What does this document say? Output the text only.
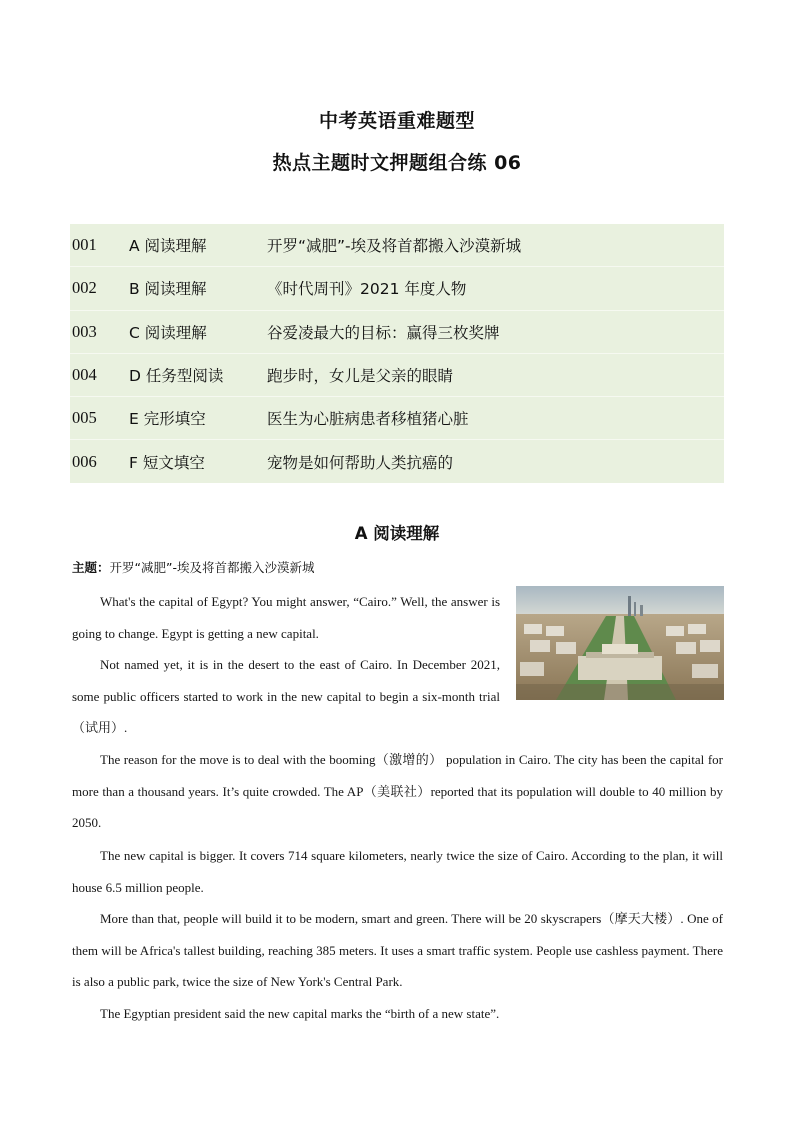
中考英语重难题型
热点主题时文押题组合练 06
001	A 阅读理解	开罗“减肥”-埃及将首都搬入沙漠新城
002	B 阅读理解	《时代周刊》2021 年度人物
003	C 阅读理解	谷爱凌最大的目标：赢得三枚奖牌
004	D 任务型阅读	跑步时，女儿是父亲的眼睛
005	E 完形填空	医生为心脏病患者移植猪心脏
006	F 短文填空	宠物是如何帮助人类抗癌的
A 阅读理解
主题：开罗“减肥”-埃及将首都搬入沙漠新城

What's the capital of Egypt? You might answer, “Cairo.” Well, the answer is going to change. Egypt is getting a new capital.

Not named yet, it is in the desert to the east of Cairo. In December 2021, some public officers started to work in the new capital to begin a six-month trial（试用）.

The reason for the move is to deal with the booming（激增的） population in Cairo. The city has been the capital for more than a thousand years. It’s quite crowded. The AP（美联社）reported that its population will double to 40 million by 2050.

The new capital is bigger. It covers 714 square kilometers, nearly twice the size of Cairo. According to the plan, it will house 6.5 million people.

More than that, people will build it to be modern, smart and green. There will be 20 skyscrapers（摩天大楼）. One of them will be Africa's tallest building, reaching 385 meters. It uses a smart traffic system. People use cashless payment. There is also a public park, twice the size of New York's Central Park.

The Egyptian president said the new capital marks the “birth of a new state”.
